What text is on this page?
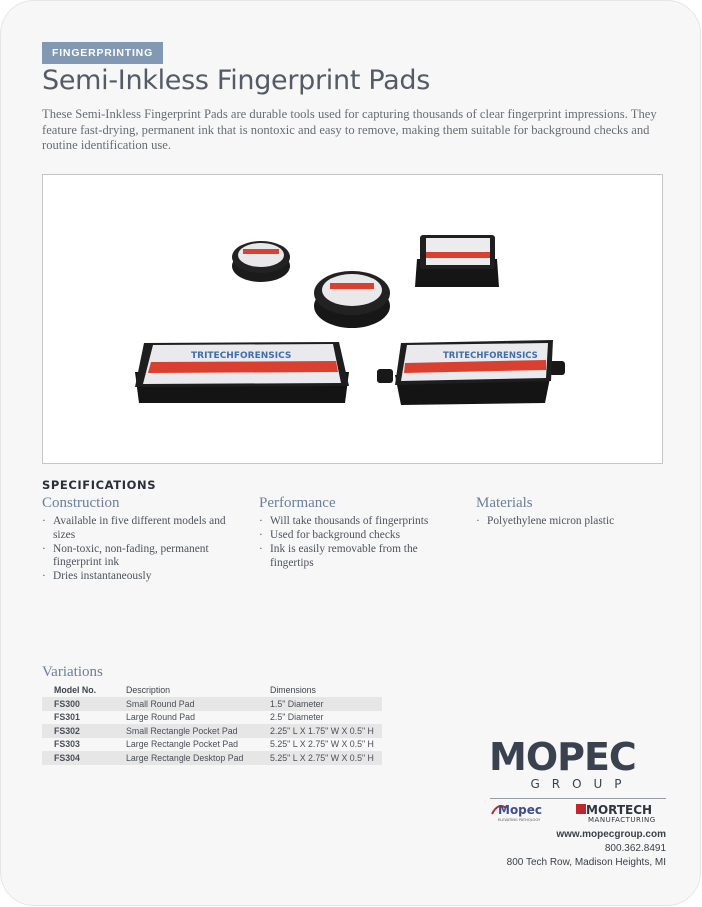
FINGERPRINTING
Semi-Inkless Fingerprint Pads
These Semi-Inkless Fingerprint Pads are durable tools used for capturing thousands of clear fingerprint impressions. They feature fast-drying, permanent ink that is nontoxic and easy to remove, making them suitable for background checks and routine identification use.
TRITECHFORENSICS	TRITECHFORENSICS
SPECIFICATIONS
Construction
· Available in five different models and sizes
· Non-toxic, non-fading, permanent fingerprint ink
· Dries instantaneously
Performance
· Will take thousands of fingerprints
· Used for background checks
· Ink is easily removable from the fingertips
Materials
· Polyethylene micron plastic
Variations
Model No.	Description	Dimensions
FS300	Small Round Pad	1.5" Diameter
FS301	Large Round Pad	2.5" Diameter
FS302	Small Rectangle Pocket Pad	2.25" L X 1.75" W X 0.5" H
FS303	Large Rectangle Pocket Pad	5.25" L X 2.75" W X 0.5" H
FS304	Large Rectangle Desktop Pad	5.25" L X 2.75" W X 0.5" H	MOPEC
GROUP
Mopec
ELEVATING PATHOLOGY
MORTECH
MANUFACTURING
www.mopecgroup.com
800.362.8491
800 Tech Row, Madison Heights, MI
